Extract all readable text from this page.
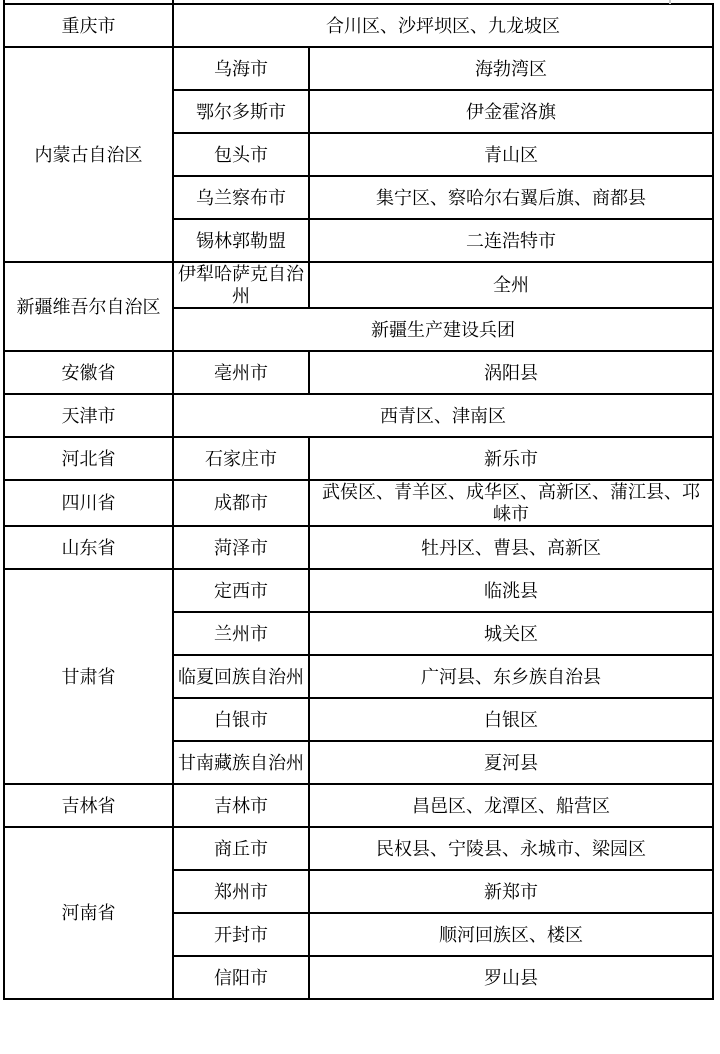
重庆市	合川区、沙坪坝区、九龙坡区	
内蒙古自治区	乌海市	海勃湾区
	鄂尔多斯市	伊金霍洛旗
	包头市	青山区
	乌兰察布市	集宁区、察哈尔右翼后旗、商都县
	锡林郭勒盟	二连浩特市
新疆维吾尔自治区	伊犁哈萨克自治州	全州
	新疆生产建设兵团	
安徽省	亳州市	涡阳县
天津市	西青区、津南区	
河北省	石家庄市	新乐市
四川省	成都市	武侯区、青羊区、成华区、高新区、蒲江县、邛崃市
山东省	菏泽市	牡丹区、曹县、高新区
甘肃省	定西市	临洮县
	兰州市	城关区
	临夏回族自治州	广河县、东乡族自治县
	白银市	白银区
	甘南藏族自治州	夏河县
吉林省	吉林市	昌邑区、龙潭区、船营区
河南省	商丘市	民权县、宁陵县、永城市、梁园区
	郑州市	新郑市
	开封市	顺河回族区、楼区
	信阳市	罗山县
